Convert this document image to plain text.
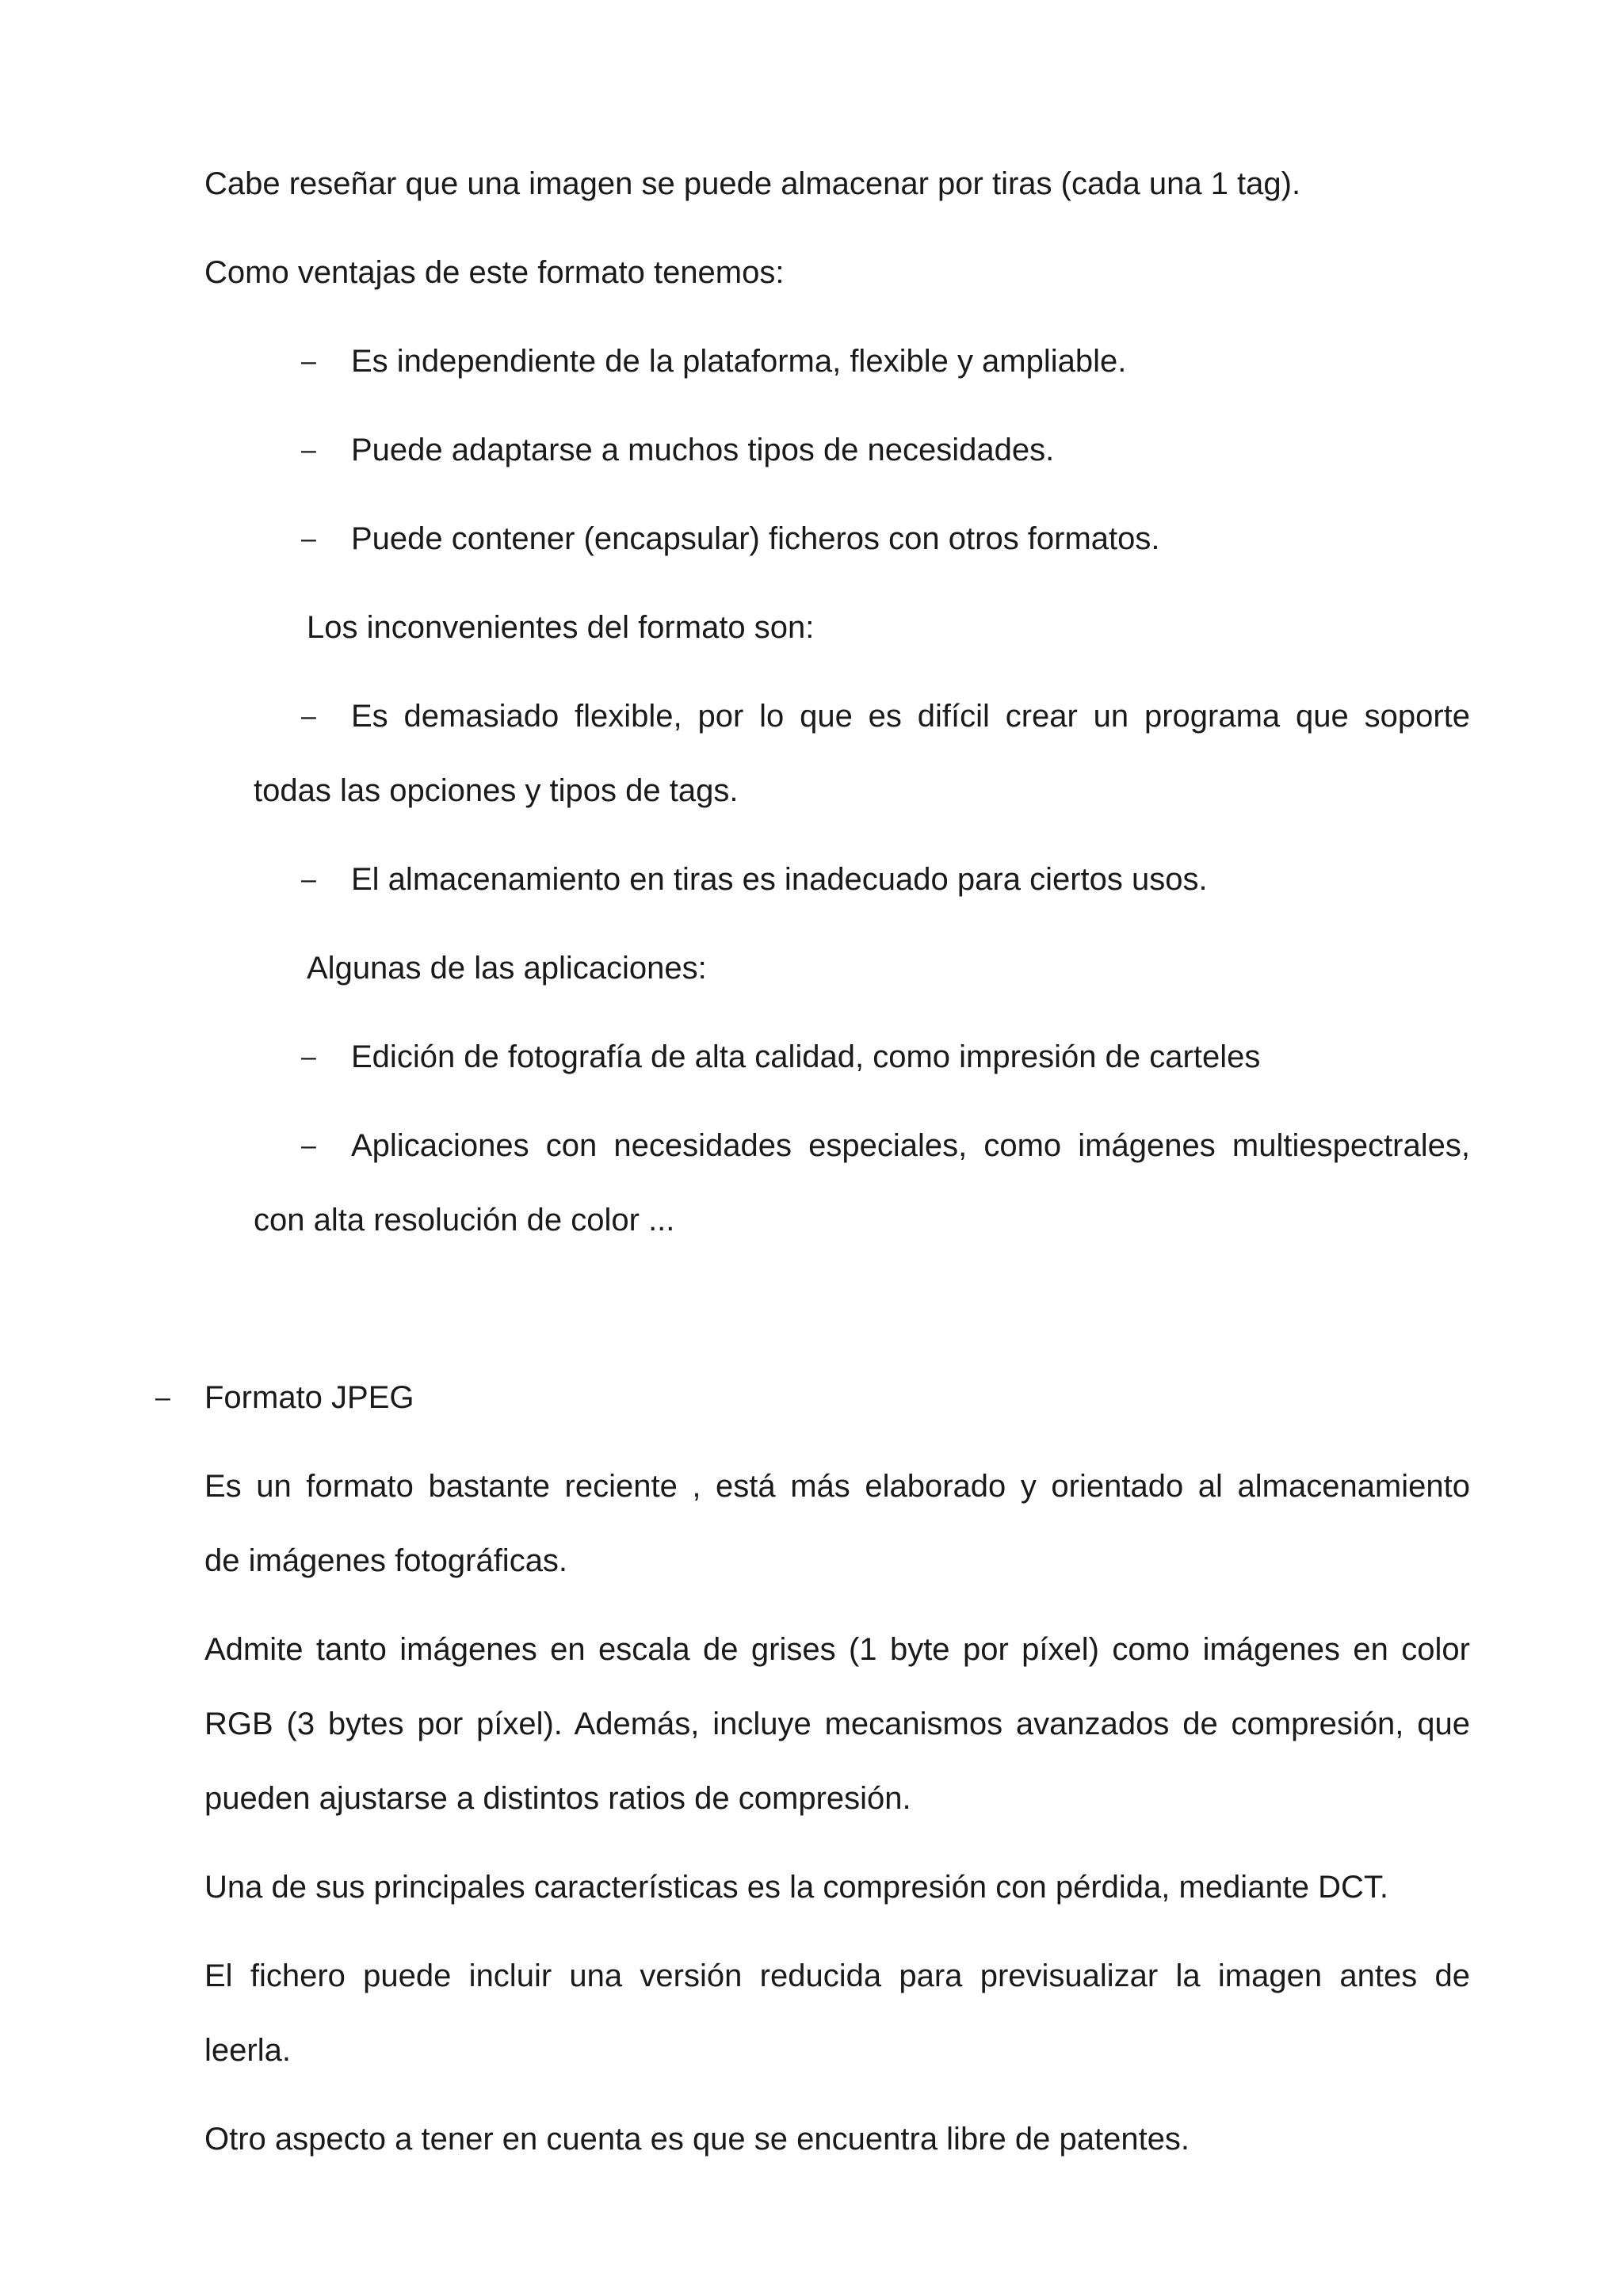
Cabe reseñar que una imagen se puede almacenar por tiras (cada una 1 tag).
Como ventajas de este formato tenemos:
– Es independiente de la plataforma, flexible y ampliable.
– Puede adaptarse a muchos tipos de necesidades.
– Puede contener (encapsular) ficheros con otros formatos.
Los inconvenientes del formato son:
– Es demasiado flexible, por lo que es difícil crear un programa que soporte
todas las opciones y tipos de tags.
– El almacenamiento en tiras es inadecuado para ciertos usos.
Algunas de las aplicaciones:
– Edición de fotografía de alta calidad, como impresión de carteles
– Aplicaciones con necesidades especiales, como imágenes multiespectrales,
con alta resolución de color ...
– Formato JPEG
Es un formato bastante reciente , está más elaborado y orientado al almacenamiento
de imágenes fotográficas.
Admite tanto imágenes en escala de grises (1 byte por píxel) como imágenes en color
RGB (3 bytes por píxel). Además, incluye mecanismos avanzados de compresión, que
pueden ajustarse a distintos ratios de compresión.
Una de sus principales características es la compresión con pérdida, mediante DCT.
El fichero puede incluir una versión reducida para previsualizar la imagen antes de
leerla.
Otro aspecto a tener en cuenta es que se encuentra libre de patentes.
